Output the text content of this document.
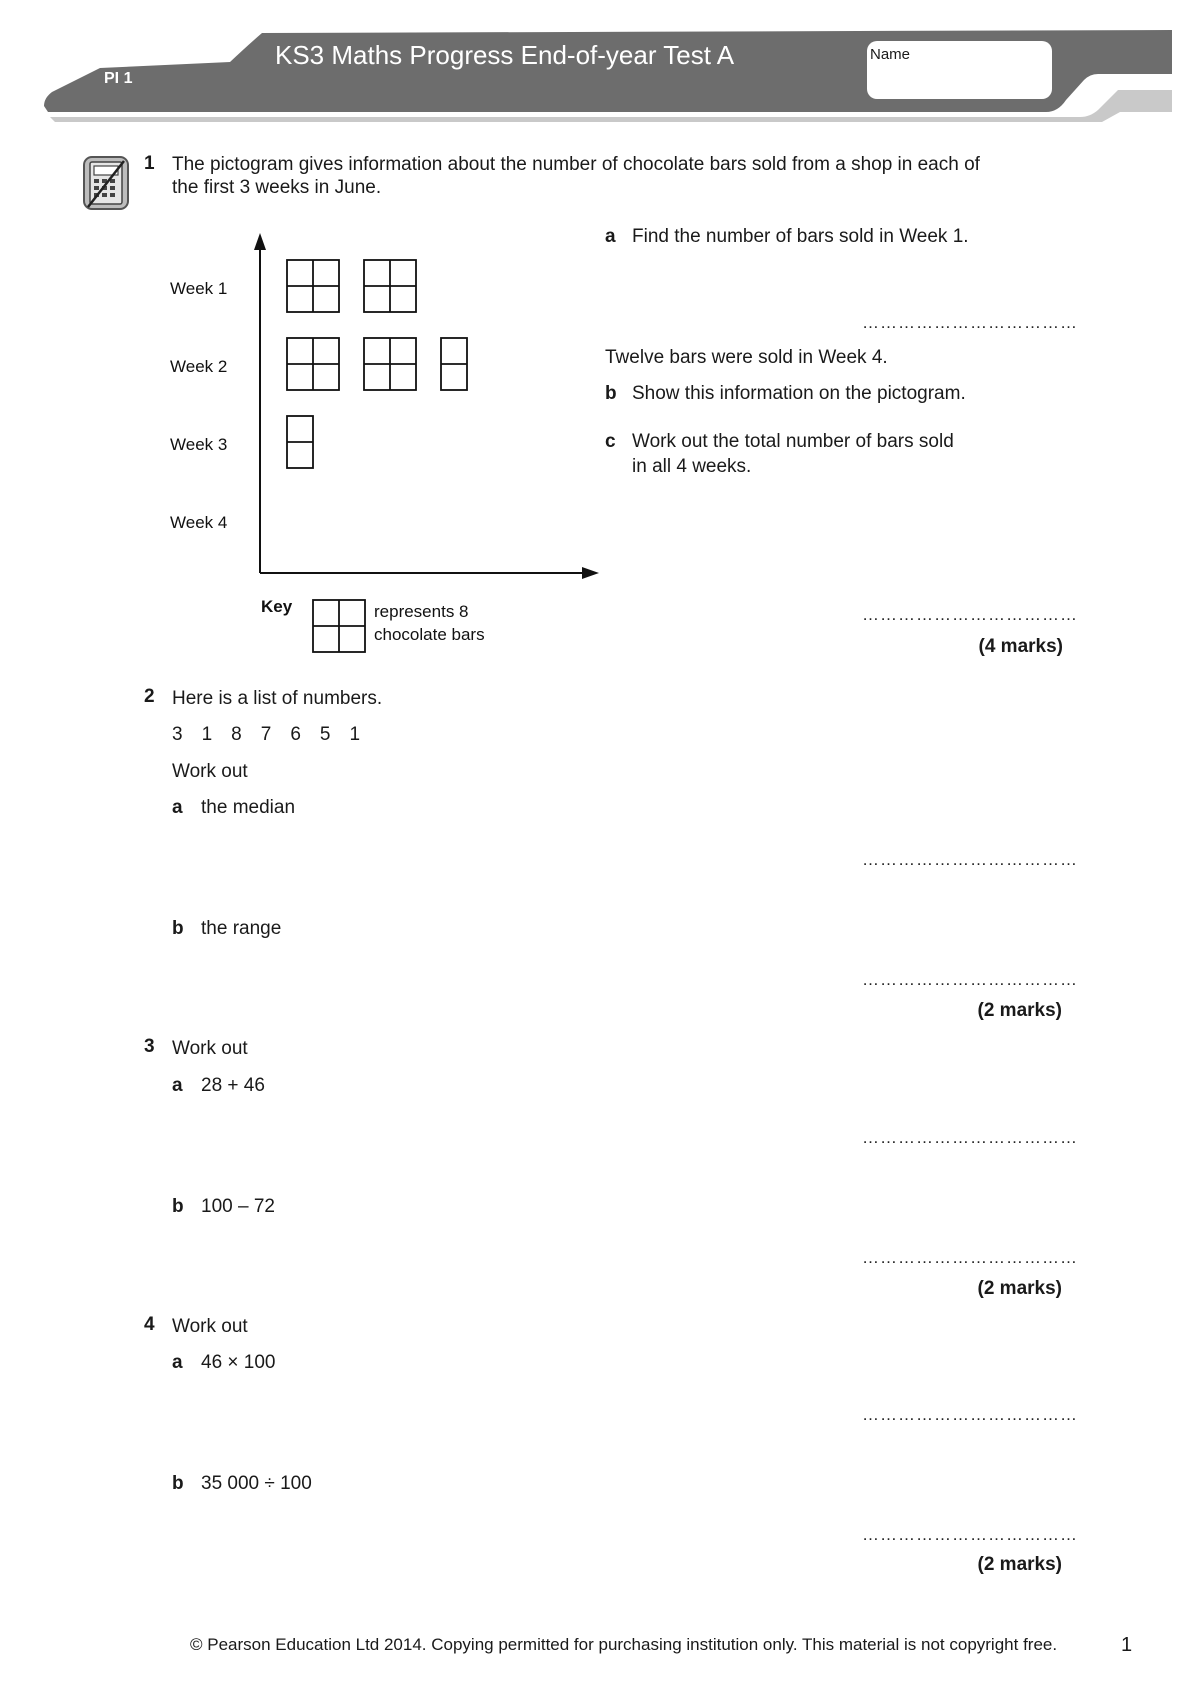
PI 1
KS3 Maths Progress End-of-year Test A	Name
1 The pictogram gives information about the number of chocolate bars sold from a shop in each of
the first 3 weeks in June.
Week 1
Week 2
Week 3
Week 4
Key	represents 8
chocolate bars
a Find the number of bars sold in Week 1.
………………………………
Twelve bars were sold in Week 4.
b Show this information on the pictogram.
c Work out the total number of bars sold
in all 4 weeks.
………………………………
(4 marks)
2 Here is a list of numbers.
3 1 8 7 6 5 1
Work out
a the median
………………………………
b the range
………………………………
(2 marks)
3 Work out
a 28 + 46
………………………………
b 100 – 72
………………………………
(2 marks)
4 Work out
a 46 × 100
………………………………
b 35 000 ÷ 100
………………………………
(2 marks)
© Pearson Education Ltd 2014. Copying permitted for purchasing institution only. This material is not copyright free.	1
